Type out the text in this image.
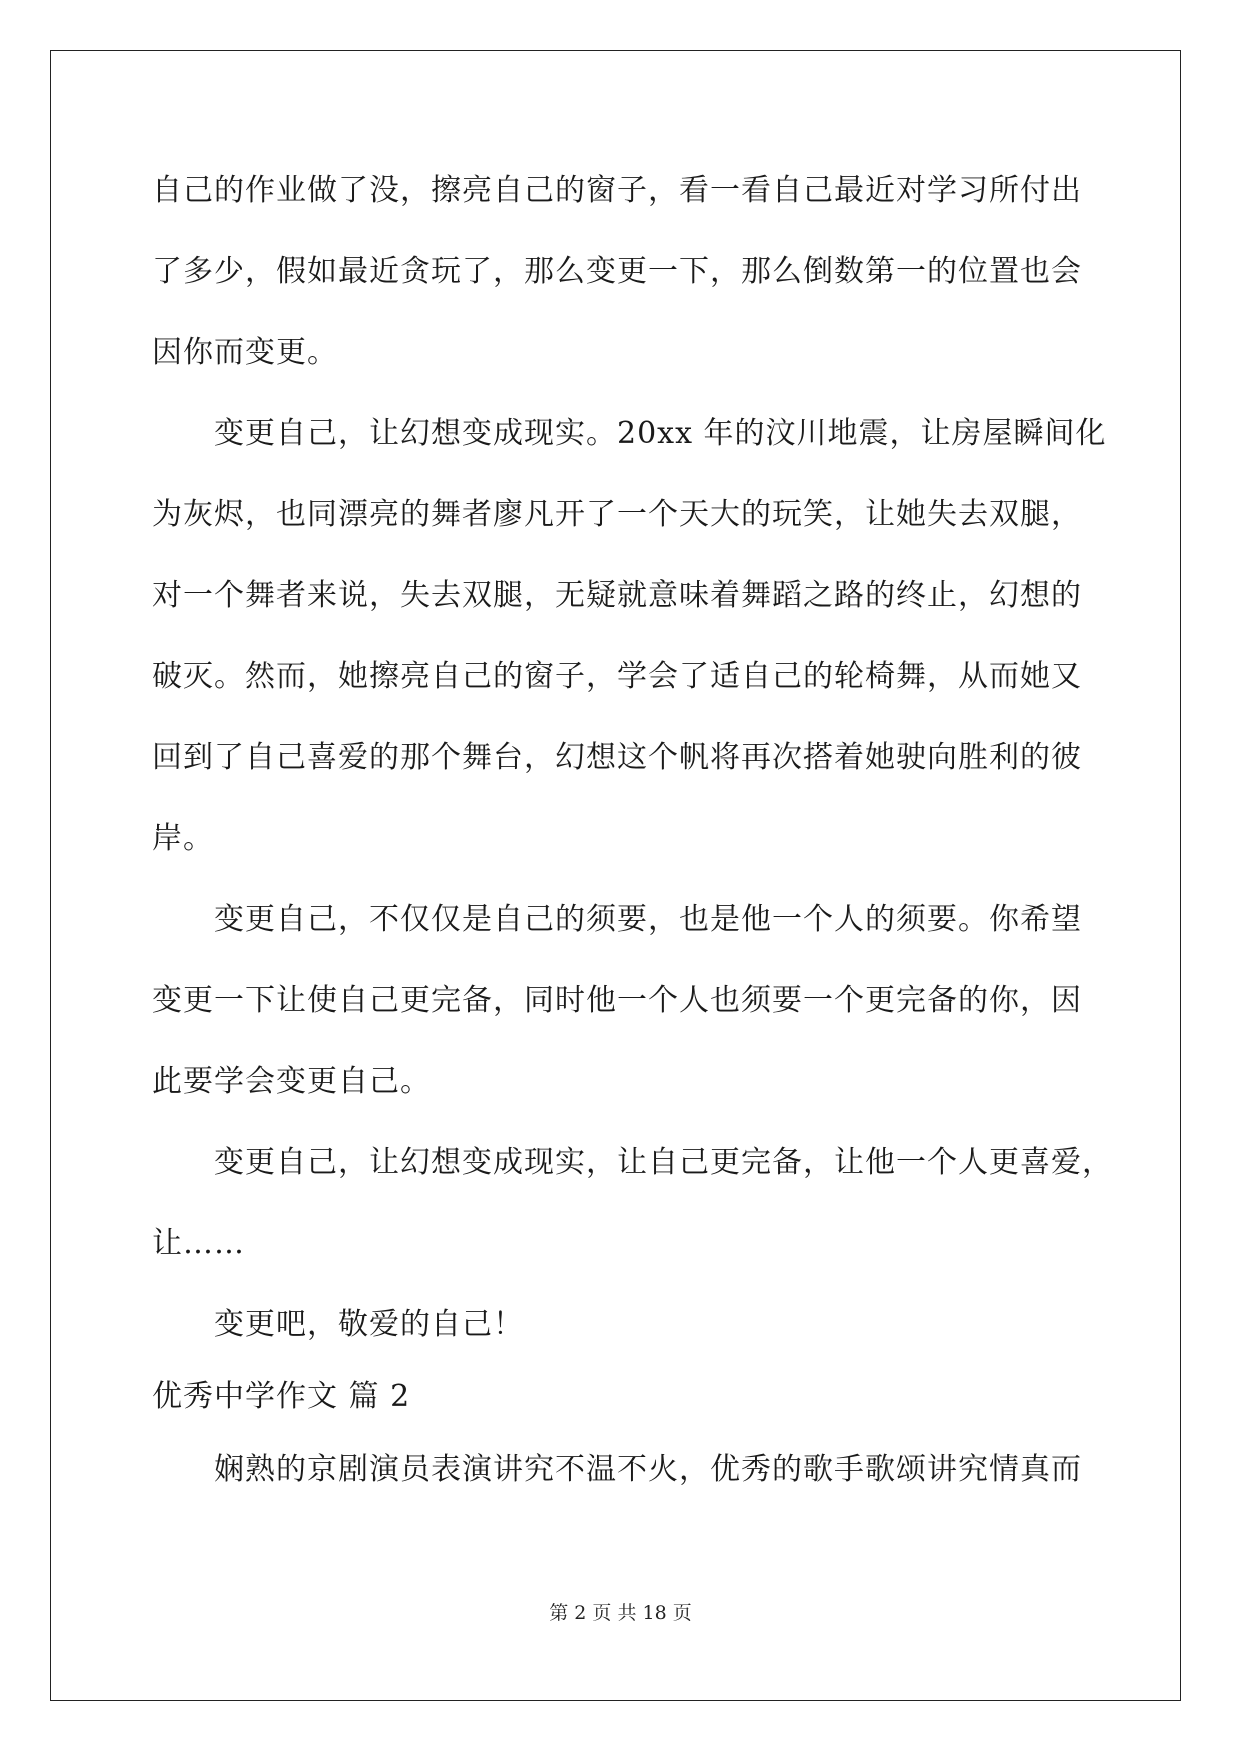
自己的作业做了没，擦亮自己的窗子，看一看自己最近对学习所付出
了多少，假如最近贪玩了，那么变更一下，那么倒数第一的位置也会
因你而变更。
变更自己，让幻想变成现实。20xx 年的汶川地震，让房屋瞬间化
为灰烬，也同漂亮的舞者廖凡开了一个天大的玩笑，让她失去双腿，
对一个舞者来说，失去双腿，无疑就意味着舞蹈之路的终止，幻想的
破灭。然而，她擦亮自己的窗子，学会了适自己的轮椅舞，从而她又
回到了自己喜爱的那个舞台，幻想这个帆将再次搭着她驶向胜利的彼
岸。
变更自己，不仅仅是自己的须要，也是他一个人的须要。你希望
变更一下让使自己更完备，同时他一个人也须要一个更完备的你，因
此要学会变更自己。
变更自己，让幻想变成现实，让自己更完备，让他一个人更喜爱，
让……
变更吧，敬爱的自己！
优秀中学作文 篇 2
娴熟的京剧演员表演讲究不温不火，优秀的歌手歌颂讲究情真而
第 2 页 共 18 页
